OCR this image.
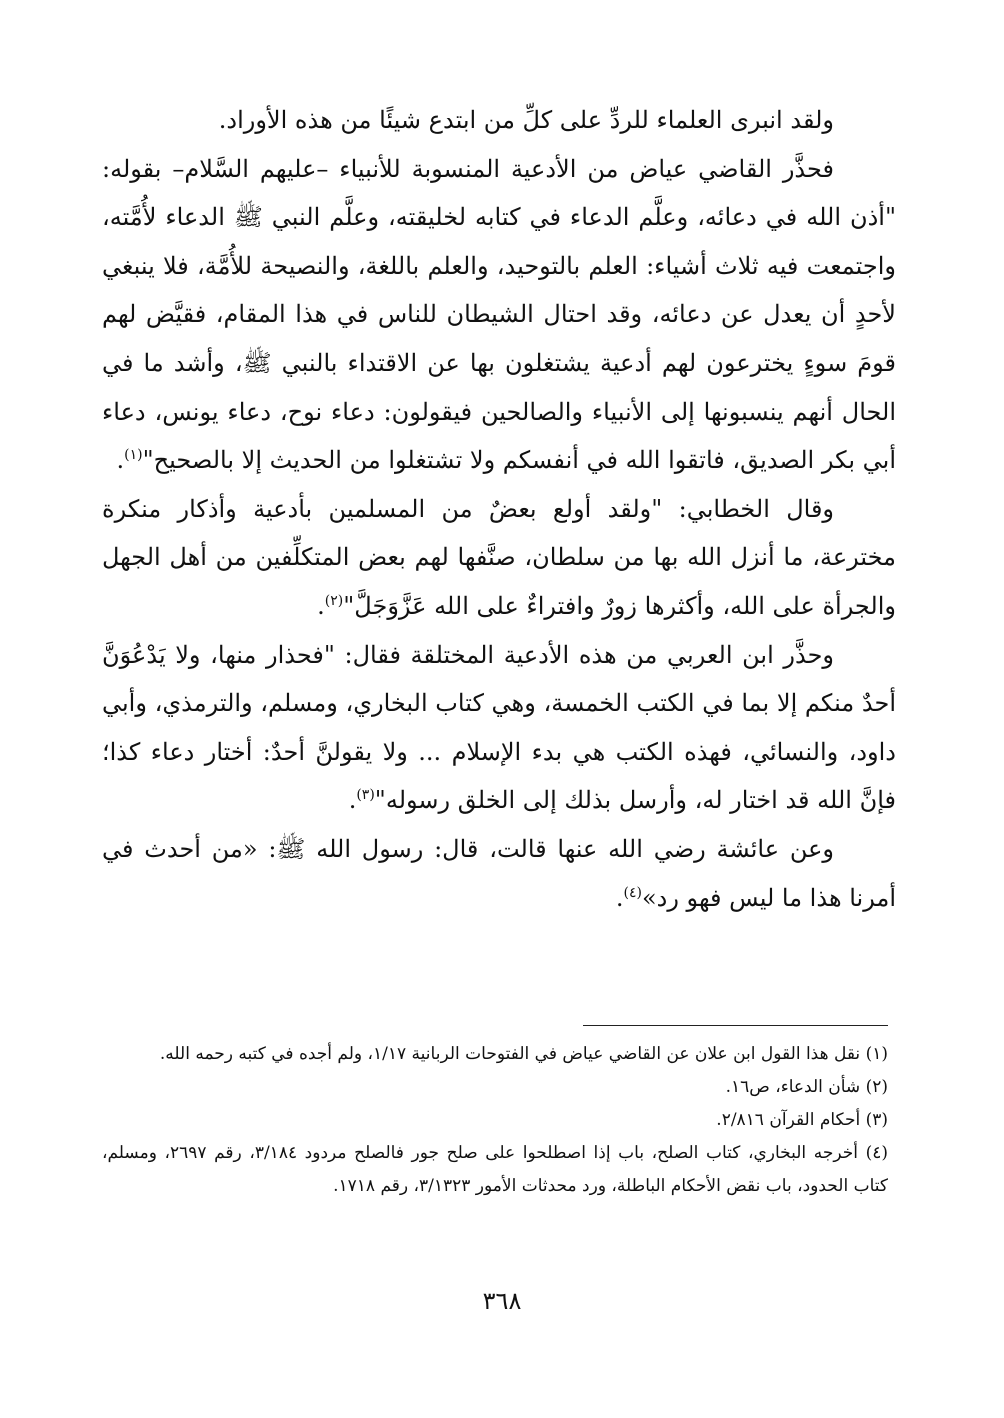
ولقد انبرى العلماء للردِّ على كلِّ من ابتدع شيئًا من هذه الأوراد.

فحذَّر القاضي عياض من الأدعية المنسوبة للأنبياء –عليهم السَّلام– بقوله: "أذن الله في دعائه، وعلَّم الدعاء في كتابه لخليقته، وعلَّم النبي ﷺ الدعاء لأُمَّته، واجتمعت فيه ثلاث أشياء: العلم بالتوحيد، والعلم باللغة، والنصيحة للأُمَّة، فلا ينبغي لأحدٍ أن يعدل عن دعائه، وقد احتال الشيطان للناس في هذا المقام، فقيَّض لهم قومَ سوءٍ يخترعون لهم أدعية يشتغلون بها عن الاقتداء بالنبي ﷺ، وأشد ما في الحال أنهم ينسبونها إلى الأنبياء والصالحين فيقولون: دعاء نوح، دعاء يونس، دعاء أبي بكر الصديق، فاتقوا الله في أنفسكم ولا تشتغلوا من الحديث إلا بالصحيح"$^{(١)}$.

وقال الخطابي: "ولقد أولع بعضٌ من المسلمين بأدعية وأذكار منكرة مخترعة، ما أنزل الله بها من سلطان، صنَّفها لهم بعض المتكلِّفين من أهل الجهل والجرأة على الله، وأكثرها زورٌ وافتراءٌ على الله عَزَّوَجَلَّ"$^{(٢)}$.

وحذَّر ابن العربي من هذه الأدعية المختلقة فقال: "فحذار منها، ولا يَدْعُوَنَّ أحدٌ منكم إلا بما في الكتب الخمسة، وهي كتاب البخاري، ومسلم، والترمذي، وأبي داود، والنسائي، فهذه الكتب هي بدء الإسلام ... ولا يقولنَّ أحدٌ: أختار دعاء كذا؛ فإنَّ الله قد اختار له، وأرسل بذلك إلى الخلق رسوله"$^{(٣)}$.

وعن عائشة رضي الله عنها قالت، قال: رسول الله ﷺ: «من أحدث في أمرنا هذا ما ليس فهو رد»$^{(٤)}$.

(١) نقل هذا القول ابن علان عن القاضي عياض في الفتوحات الربانية ١/١٧، ولم أجده في كتبه رحمه الله.

(٢) شأن الدعاء، ص١٦.

(٣) أحكام القرآن ٢/٨١٦.

(٤) أخرجه البخاري، كتاب الصلح، باب إذا اصطلحوا على صلح جور فالصلح مردود ٣/١٨٤، رقم ٢٦٩٧، ومسلم، كتاب الحدود، باب نقض الأحكام الباطلة، ورد محدثات الأمور ٣/١٣٢٣، رقم ١٧١٨.

٣٦٨
